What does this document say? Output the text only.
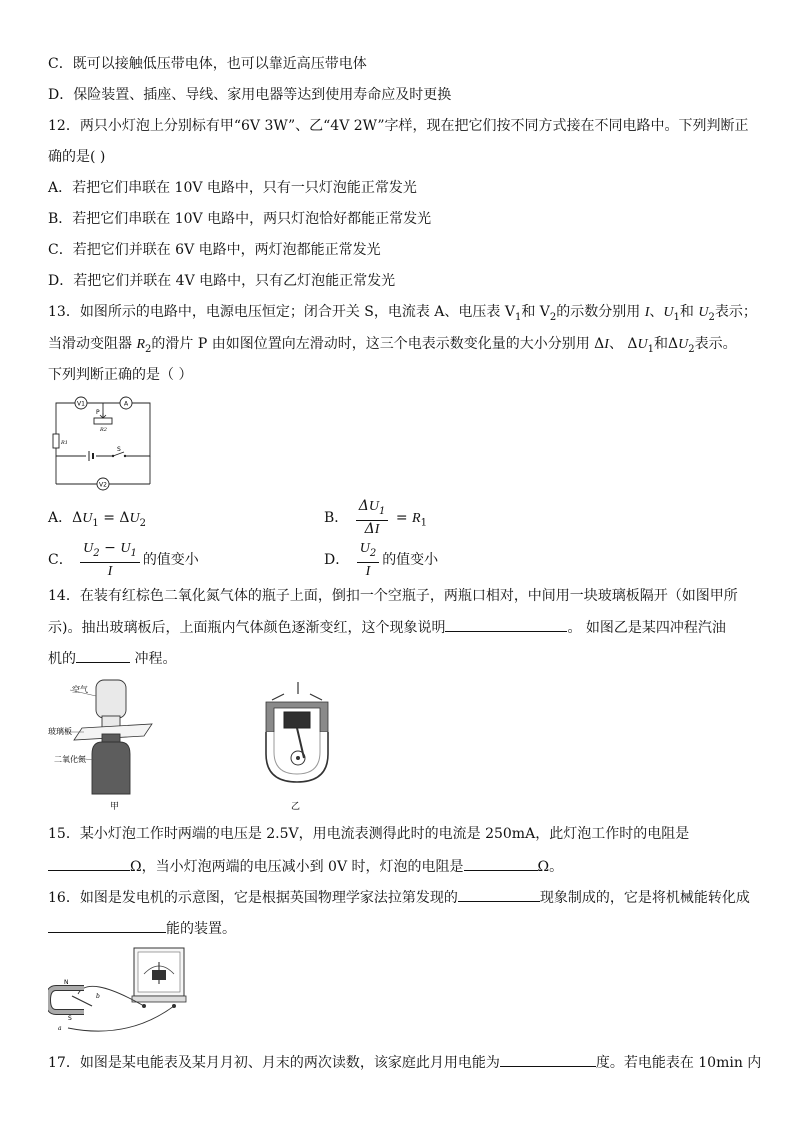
C．既可以接触低压带电体，也可以靠近高压带电体
D．保险装置、插座、导线、家用电器等达到使用寿命应及时更换
12．两只小灯泡上分别标有甲“6V 3W”、乙“4V 2W”字样，现在把它们按不同方式接在不同电路中。下列判断正
确的是( )
A．若把它们串联在 10V 电路中，只有一只灯泡能正常发光
B．若把它们串联在 10V 电路中，两只灯泡恰好都能正常发光
C．若把它们并联在 6V 电路中，两灯泡都能正常发光
D．若把它们并联在 4V 电路中，只有乙灯泡能正常发光
13．如图所示的电路中，电源电压恒定；闭合开关 S，电流表 A、电压表 $V_1$和 $V_2$的示数分别用 I、$U_1$和 $U_2$表示；
当滑动变阻器 $R_2$的滑片 P 由如图位置向左滑动时，这三个电表示数变化量的大小分别用 ΔI、 $\Delta U_1$和$\Delta U_2$表示。
下列判断正确的是（ ）
V1	A
P
R2
R1
S
V2
A．$\Delta U_1 = \Delta U_2$	B． $\frac{\Delta U_1}{\Delta I} = R_1$
C． $\frac{U_2 - U_1}{I}$ 的值变小	D． $\frac{U_2}{I}$ 的值变小
14．在装有红棕色二氧化氮气体的瓶子上面，倒扣一个空瓶子，两瓶口相对，中间用一块玻璃板隔开（如图甲所
示)。抽出玻璃板后，上面瓶内气体颜色逐渐变红，这个现象说明	。 如图乙是某四冲程汽油
机的	冲程。
空气
玻璃板
二氧化氮
甲	乙
15．某小灯泡工作时两端的电压是 2.5V，用电流表测得此时的电流是 250mA，此灯泡工作时的电阻是
Ω，当小灯泡两端的电压减小到 0V 时，灯泡的电阻是	Ω。
16．如图是发电机的示意图，它是根据英国物理学家法拉第发现的	现象制成的，它是将机械能转化成
能的装置。
N
S
a
b
17．如图是某电能表及某月月初、月末的两次读数，该家庭此月用电能为	度。若电能表在 10min 内
